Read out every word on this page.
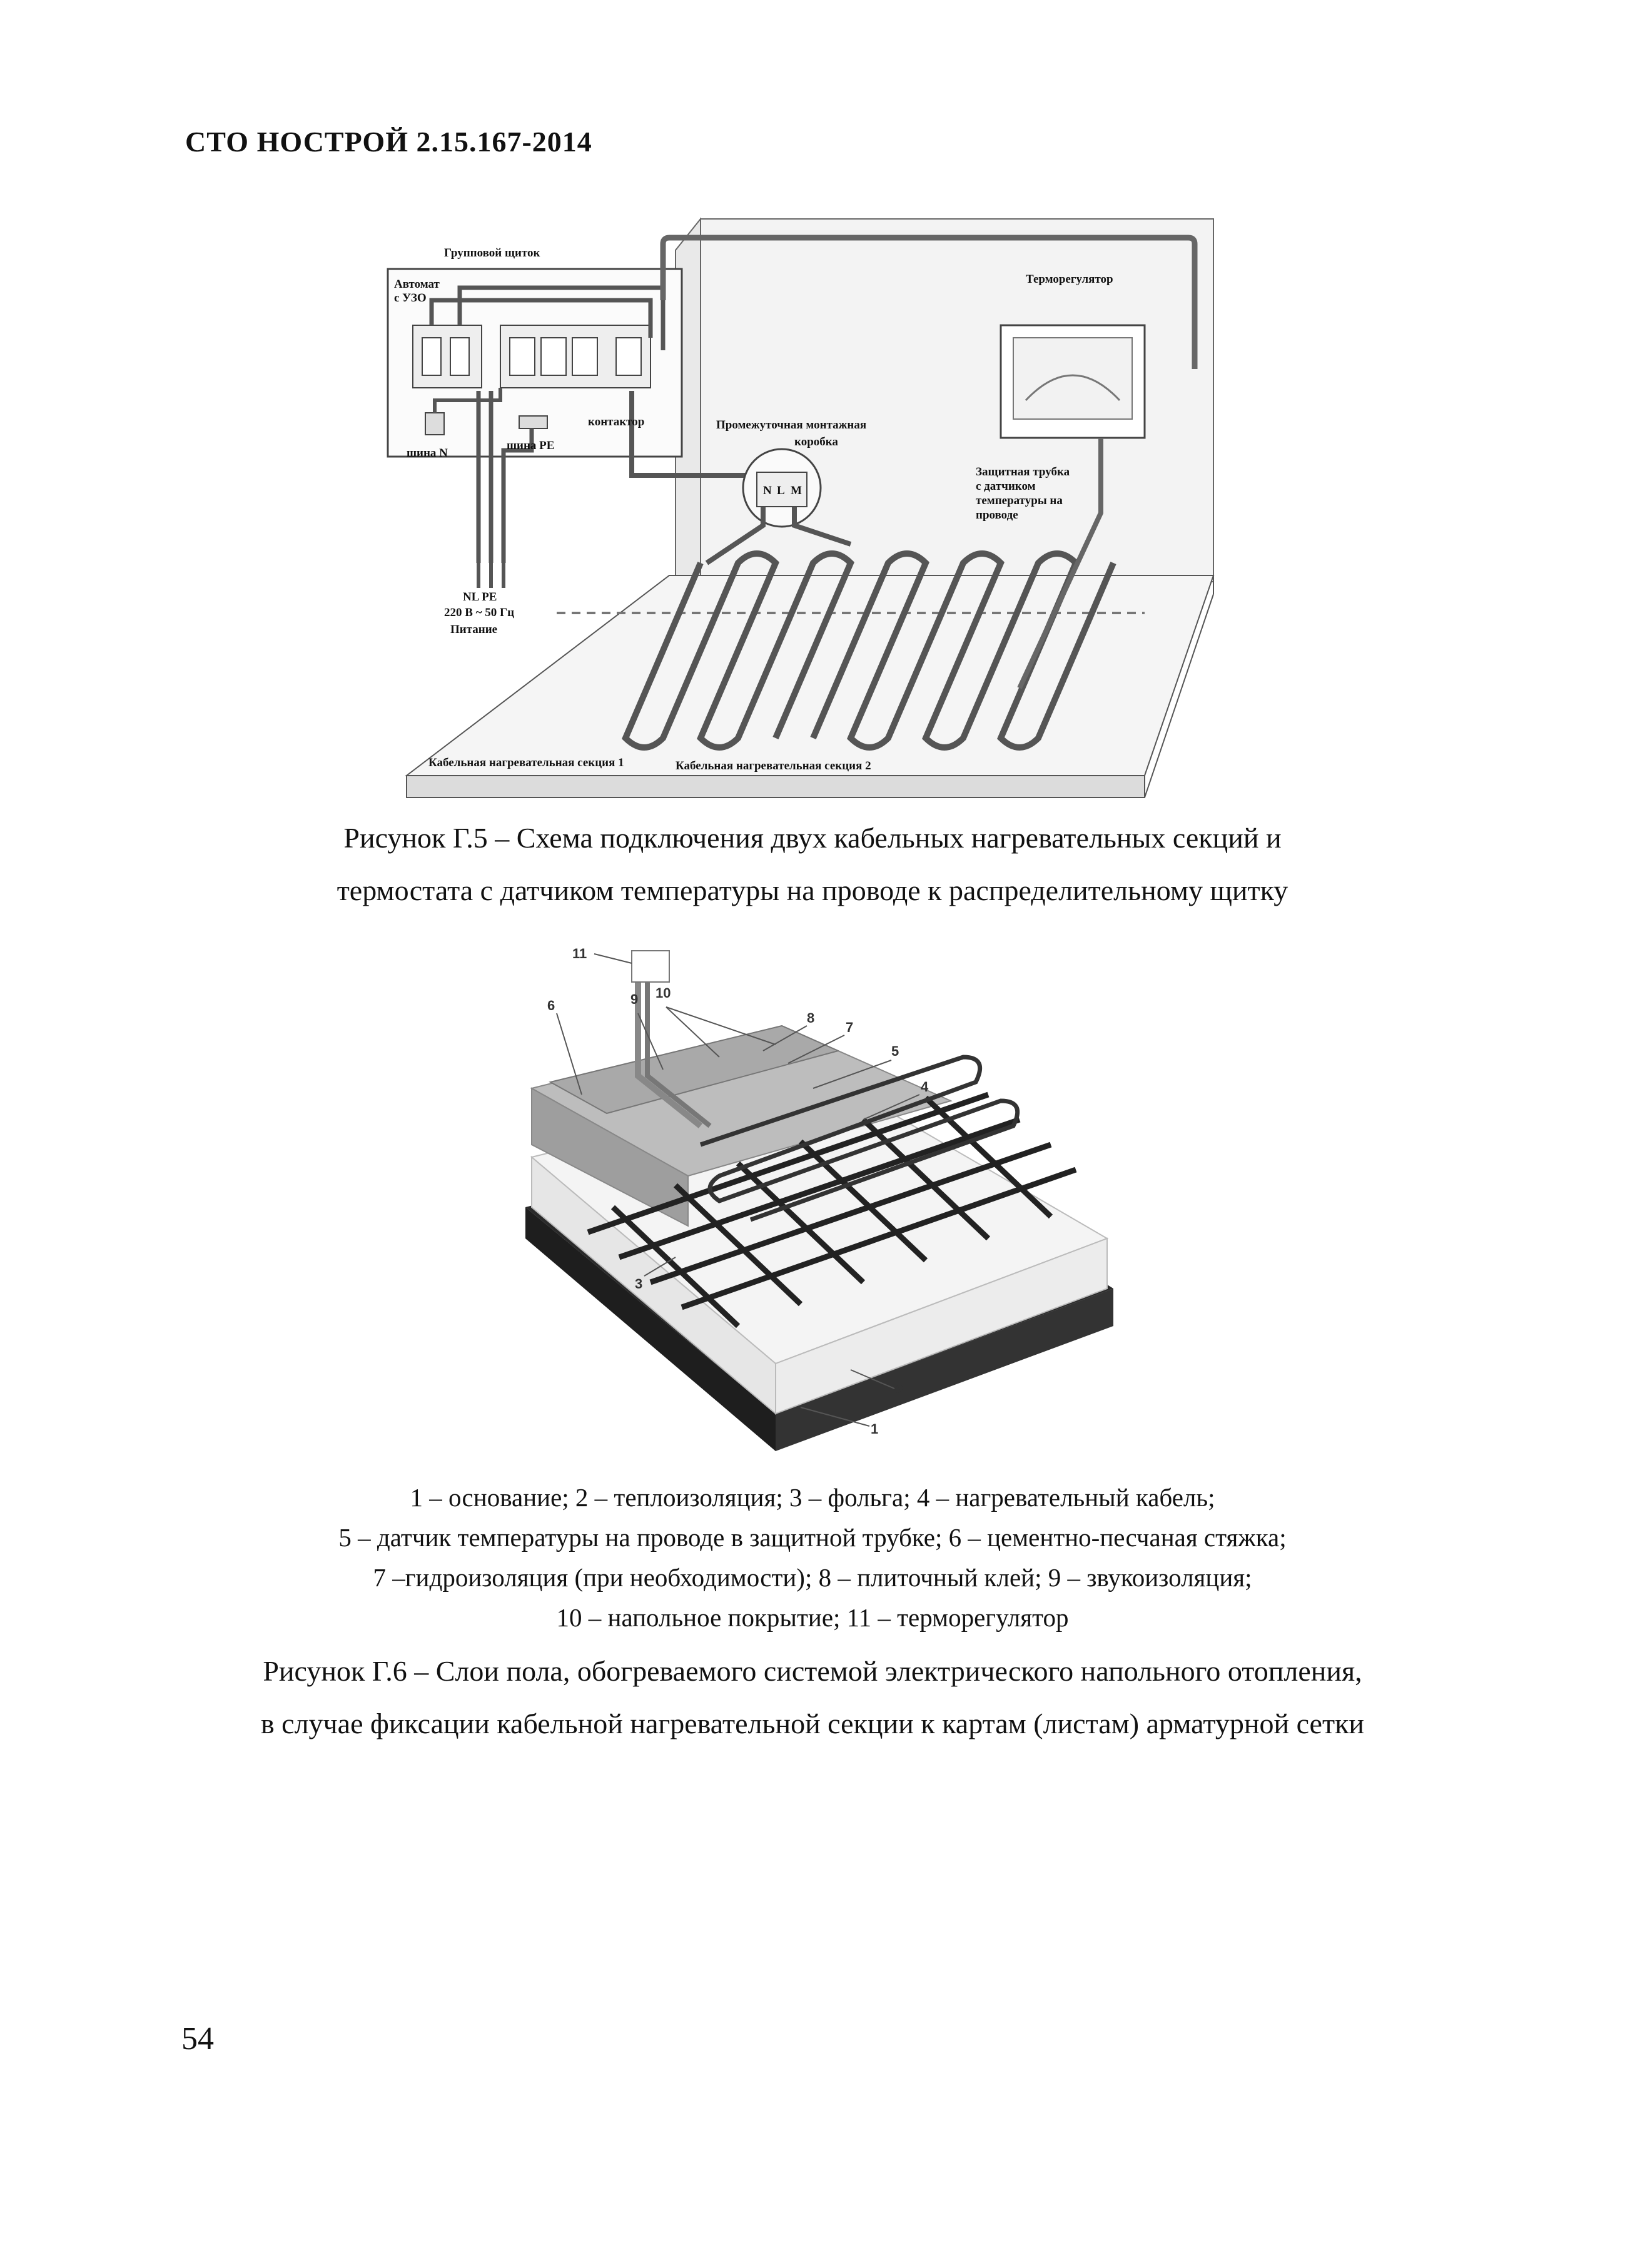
СТО НОСТРОЙ 2.15.167-2014
Групповой щиток
Автомат
с УЗО
контактор
шина N
шина PE
NL PE
220 В ~ 50 Гц
Питание
Терморегулятор
Промежуточная монтажная
коробка
Защитная трубка
с датчиком
температуры на
проводе
N L M
Кабельная нагревательная секция 1	Кабельная нагревательная секция 2
Рисунок Г.5 – Схема подключения двух кабельных нагревательных секций и
термостата с датчиком температуры на проводе к распределительному щитку
11
6	9 10
8
7
5
4
3
2
1
1 – основание; 2 – теплоизоляция; 3 – фольга; 4 – нагревательный кабель;
5 – датчик температуры на проводе в защитной трубке; 6 – цементно-песчаная стяжка;
7 –гидроизоляция (при необходимости); 8 – плиточный клей; 9 – звукоизоляция;
10 – напольное покрытие; 11 – терморегулятор
Рисунок Г.6 – Слои пола, обогреваемого системой электрического напольного отопления,
в случае фиксации кабельной нагревательной секции к картам (листам) арматурной сетки
54
